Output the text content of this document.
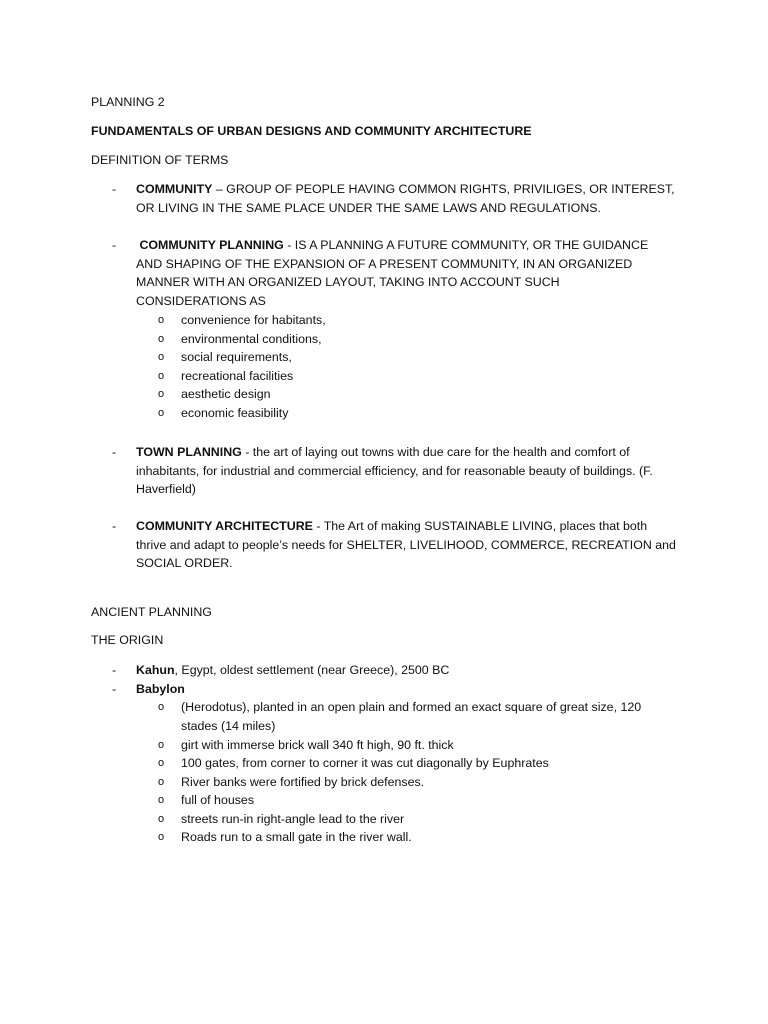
PLANNING 2
FUNDAMENTALS OF URBAN DESIGNS AND COMMUNITY ARCHITECTURE
DEFINITION OF TERMS
- COMMUNITY – GROUP OF PEOPLE HAVING COMMON RIGHTS, PRIVILIGES, OR INTEREST, OR LIVING IN THE SAME PLACE UNDER THE SAME LAWS AND REGULATIONS.
- COMMUNITY PLANNING - IS A PLANNING A FUTURE COMMUNITY, OR THE GUIDANCE AND SHAPING OF THE EXPANSION OF A PRESENT COMMUNITY, IN AN ORGANIZED MANNER WITH AN ORGANIZED LAYOUT, TAKING INTO ACCOUNT SUCH CONSIDERATIONS AS
o convenience for habitants,
o environmental conditions,
o social requirements,
o recreational facilities
o aesthetic design
o economic feasibility
- TOWN PLANNING - the art of laying out towns with due care for the health and comfort of inhabitants, for industrial and commercial efficiency, and for reasonable beauty of buildings. (F. Haverfield)
- COMMUNITY ARCHITECTURE - The Art of making SUSTAINABLE LIVING, places that both thrive and adapt to people’s needs for SHELTER, LIVELIHOOD, COMMERCE, RECREATION and SOCIAL ORDER.
ANCIENT PLANNING
THE ORIGIN
- Kahun, Egypt, oldest settlement (near Greece), 2500 BC
- Babylon
o (Herodotus), planted in an open plain and formed an exact square of great size, 120 stades (14 miles)
o girt with immerse brick wall 340 ft high, 90 ft. thick
o 100 gates, from corner to corner it was cut diagonally by Euphrates
o River banks were fortified by brick defenses.
o full of houses
o streets run-in right-angle lead to the river
o Roads run to a small gate in the river wall.
